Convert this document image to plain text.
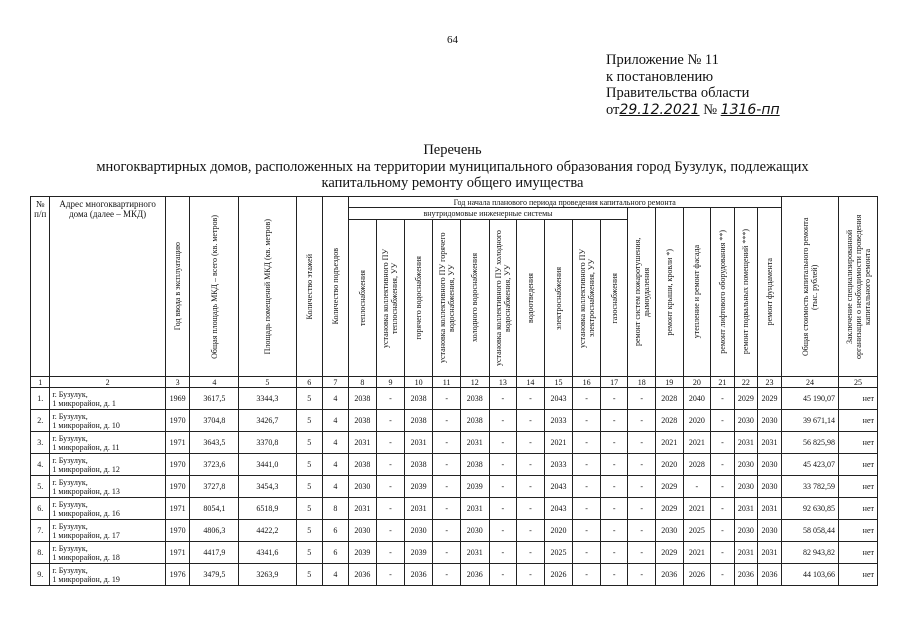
64
Приложение № 11
к постановлению
Правительства области
от29.12.2021 № 1316-пп
Перечень
многоквартирных домов, расположенных на территории муниципального образования город Бузулук, подлежащих
капитальному ремонту общего имущества
№ п/п	Адрес многоквартирного дома (далее – МКД)	Год ввода в эксплуатацию	Общая площадь МКД – всего (кв. метров)	Площадь помещений МКД (кв. метров)	Количество этажей	Количество подъездов	Год начала планового периода проведения капитального ремонта																Общая стоимость капитального ремонта (тыс. рублей)	Заключение специализированной организации о необходимости проведения капитального ремонта

							внутридомовые инженерные системы										ремонт систем пожаротушения, дымоудаления	ремонт крыши, кровли *)	утепление и ремонт фасада	ремонт лифтового оборудования **)	ремонт подвальных помещений ***)	ремонт фундамента		

							теплоснабжения	установка коллективного ПУ теплоснабжения, УУ	горячего водоснабжения	установка коллективного ПУ горячего водоснабжения, УУ	холодного водоснабжения	установка коллективного ПУ холодного водоснабжения, УУ	водоотведения	электроснабжения	установка коллективного ПУ электроснабжения, УУ	газоснабжения								

1	2	3	4	5	6	7	8	9	10	11	12	13	14	15	16	17	18	19	20	21	22	23	24	25
1.	г. Бузулук,
1 микрорайон, д. 1	1969	3617,5	3344,3	5	4	2038	-	2038	-	2038	-	-	2043	-	-	-	2028	2040	-	2029	2029	45 190,07	нет
2.	г. Бузулук,
1 микрорайон, д. 10	1970	3704,8	3426,7	5	4	2038	-	2038	-	2038	-	-	2033	-	-	-	2028	2020	-	2030	2030	39 671,14	нет
3.	г. Бузулук,
1 микрорайон, д. 11	1971	3643,5	3370,8	5	4	2031	-	2031	-	2031	-	-	2021	-	-	-	2021	2021	-	2031	2031	56 825,98	нет
4.	г. Бузулук,
1 микрорайон, д. 12	1970	3723,6	3441,0	5	4	2038	-	2038	-	2038	-	-	2033	-	-	-	2020	2028	-	2030	2030	45 423,07	нет
5.	г. Бузулук,
1 микрорайон, д. 13	1970	3727,8	3454,3	5	4	2030	-	2039	-	2039	-	-	2043	-	-	-	2029	-	-	2030	2030	33 782,59	нет
6.	г. Бузулук,
1 микрорайон, д. 16	1971	8054,1	6518,9	5	8	2031	-	2031	-	2031	-	-	2043	-	-	-	2029	2021	-	2031	2031	92 630,85	нет
7.	г. Бузулук,
1 микрорайон, д. 17	1970	4806,3	4422,2	5	6	2030	-	2030	-	2030	-	-	2020	-	-	-	2030	2025	-	2030	2030	58 058,44	нет
8.	г. Бузулук,
1 микрорайон, д. 18	1971	4417,9	4341,6	5	6	2039	-	2039	-	2031	-	-	2025	-	-	-	2029	2021	-	2031	2031	82 943,82	нет
9.	г. Бузулук,
1 микрорайон, д. 19	1976	3479,5	3263,9	5	4	2036	-	2036	-	2036	-	-	2026	-	-	-	2036	2026	-	2036	2036	44 103,66	нет
